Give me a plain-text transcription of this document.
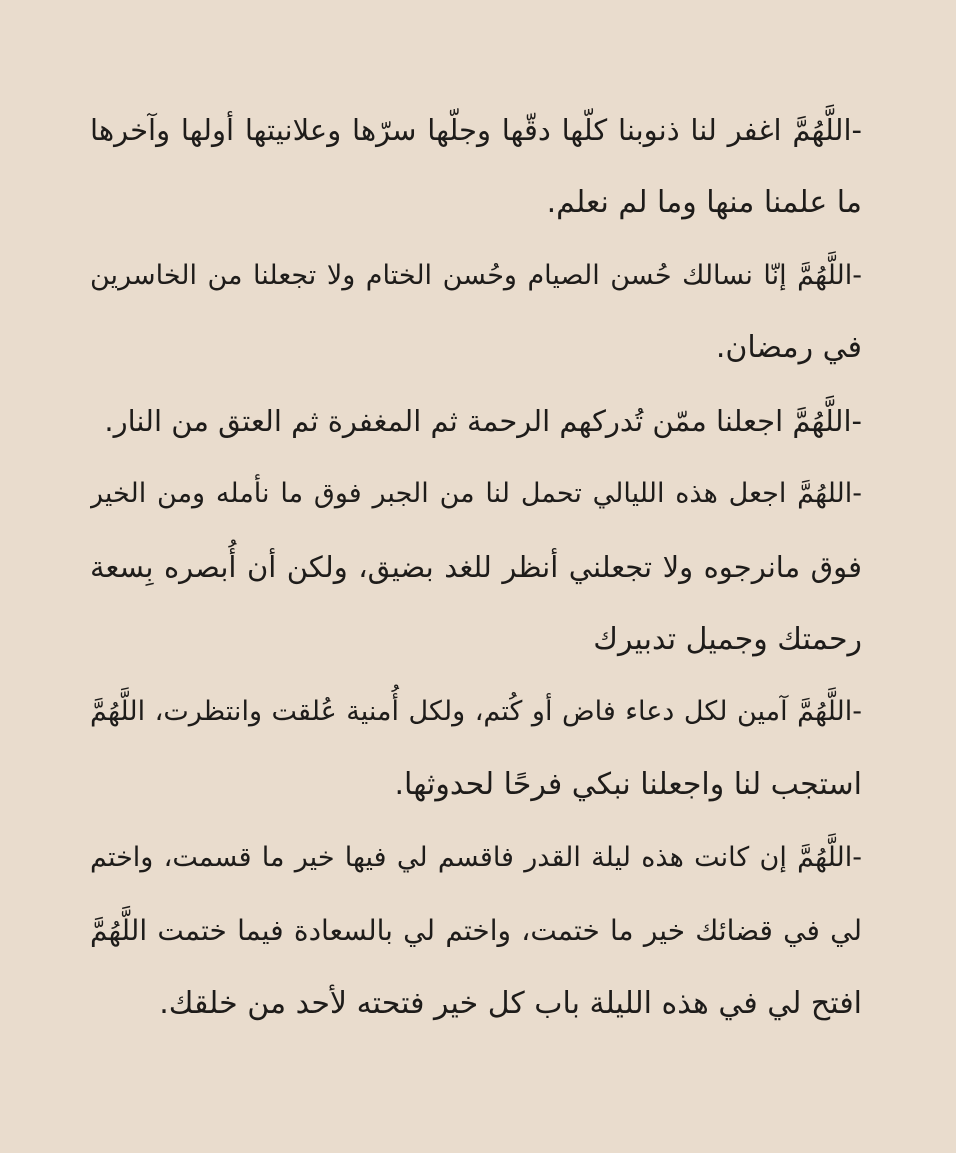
-اللَّهُمَّ اغفر لنا ذنوبنا كلّها دقّها وجلّها سرّها وعلانيتها أولها وآخرها
ما علمنا منها وما لم نعلم.
-اللَّهُمَّ إنّا نسالك حُسن الصيام وحُسن الختام ولا تجعلنا من الخاسرين
في رمضان.
-اللَّهُمَّ اجعلنا ممّن تُدركهم الرحمة ثم المغفرة ثم العتق من النار.
-اللهُمَّ اجعل هذه الليالي تحمل لنا من الجبر فوق ما نأمله ومن الخير
فوق مانرجوه ولا تجعلني أنظر للغد بضيق، ولكن أن أُبصره بِسعة
رحمتك وجميل تدبيرك
-اللَّهُمَّ آمين لكل دعاء فاض أو كُتم، ولكل أُمنية عُلقت وانتظرت، اللَّهُمَّ
استجب لنا واجعلنا نبكي فرحًا لحدوثها.
-اللَّهُمَّ إن كانت هذه ليلة القدر فاقسم لي فيها خير ما قسمت، واختم
لي في قضائك خير ما ختمت، واختم لي بالسعادة فيما ختمت اللَّهُمَّ
افتح لي في هذه الليلة باب كل خير فتحته لأحد من خلقك.
